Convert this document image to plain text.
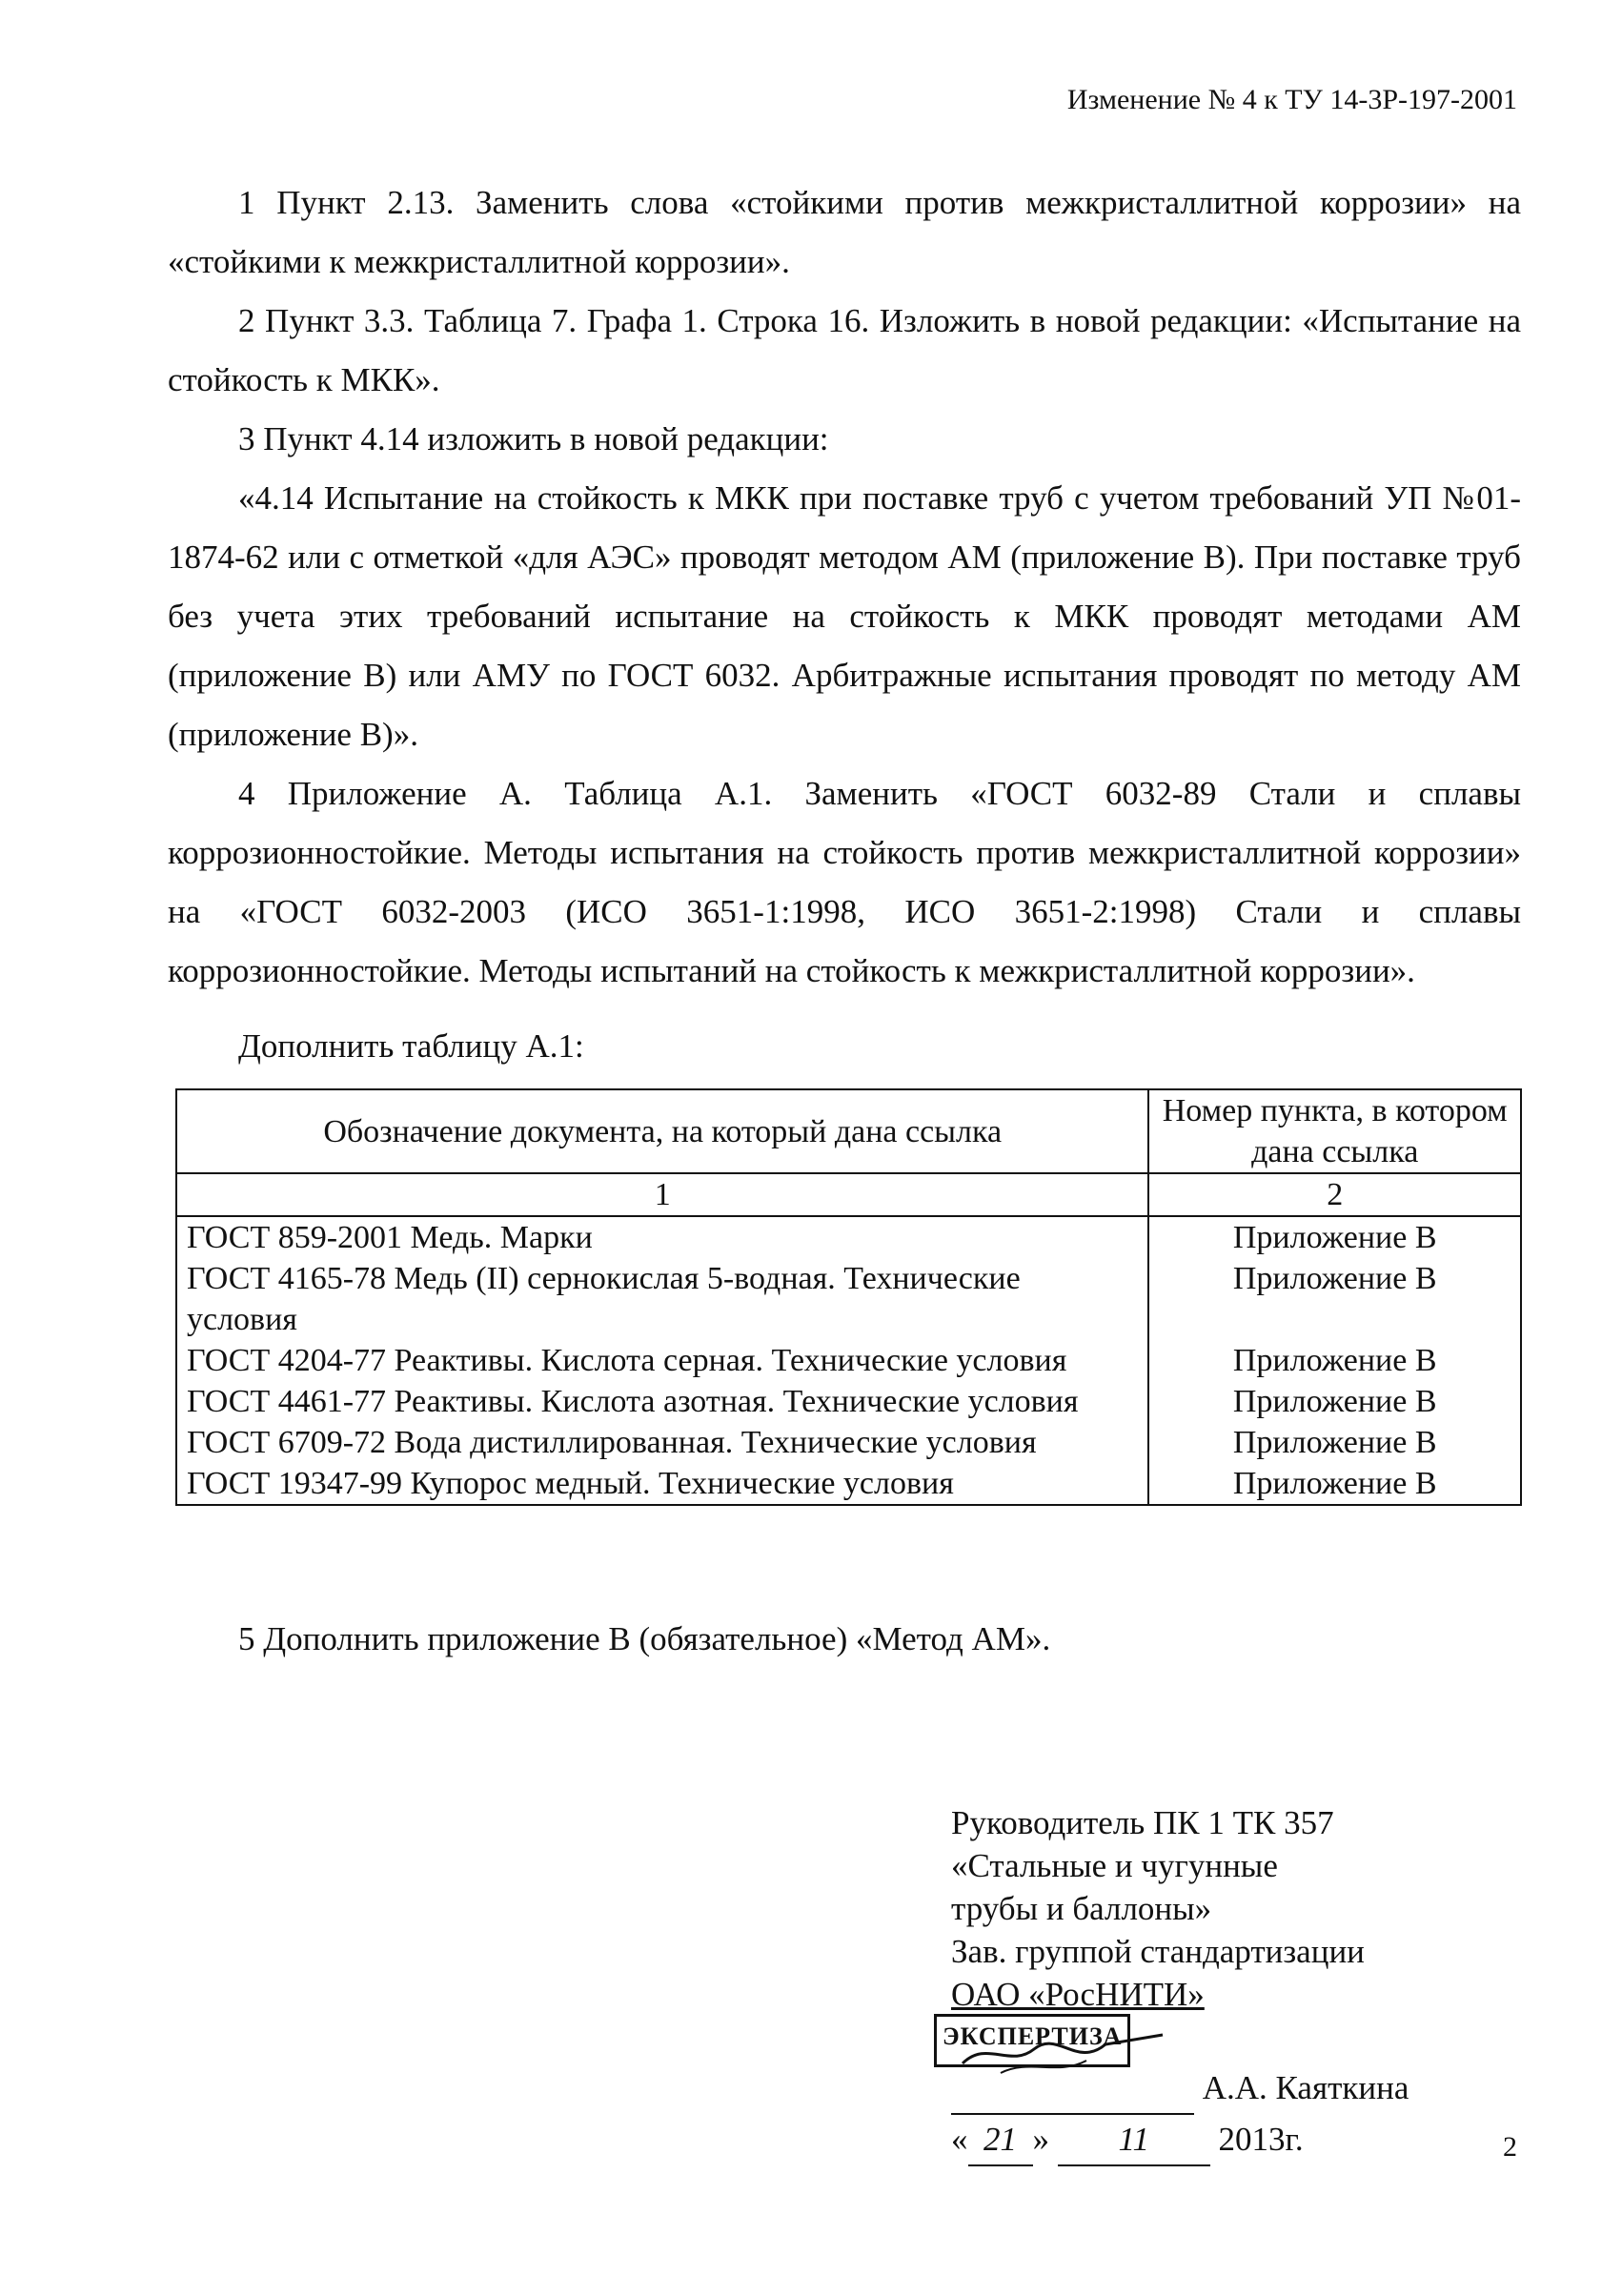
Изменение № 4 к ТУ 14-3Р-197-2001
1 Пункт 2.13. Заменить слова «стойкими против межкристаллитной коррозии» на «стойкими к межкристаллитной коррозии».
2 Пункт 3.3. Таблица 7. Графа 1. Строка 16. Изложить в новой редакции: «Испытание на стойкость к МКК».
3 Пункт 4.14 изложить в новой редакции:
«4.14 Испытание на стойкость к МКК при поставке труб с учетом требований УП №01-1874-62 или с отметкой «для АЭС» проводят методом АМ (приложение В). При поставке труб без учета этих требований испытание на стойкость к МКК проводят методами АМ (приложение В) или АМУ по ГОСТ 6032. Арбитражные испытания проводят по методу АМ (приложение В)».
4 Приложение А. Таблица А.1. Заменить «ГОСТ 6032-89 Стали и сплавы коррозионностойкие. Методы испытания на стойкость против межкристаллитной коррозии» на «ГОСТ 6032-2003 (ИСО 3651-1:1998, ИСО 3651-2:1998) Стали и сплавы коррозионностойкие. Методы испытаний на стойкость к межкристаллитной коррозии».
Дополнить таблицу А.1:
Обозначение документа, на который дана ссылка	Номер пункта, в котором дана ссылка
1	2
ГОСТ 859-2001 Медь. Марки	Приложение В
ГОСТ 4165-78 Медь (II) сернокислая 5-водная. Технические условия	Приложение В
ГОСТ 4204-77 Реактивы. Кислота серная. Технические условия	Приложение В
ГОСТ 4461-77 Реактивы. Кислота азотная. Технические условия	Приложение В
ГОСТ 6709-72 Вода дистиллированная. Технические условия	Приложение В
ГОСТ 19347-99 Купорос медный. Технические условия	Приложение В
5 Дополнить приложение В (обязательное) «Метод АМ».
Руководитель ПК 1 ТК 357
«Стальные и чугунные
трубы и баллоны»
Зав. группой стандартизации
ОАО «РосНИТИ»
ЭКСПЕРТИЗА
А.А. Каяткина
« 21 » 11 2013г.	2
